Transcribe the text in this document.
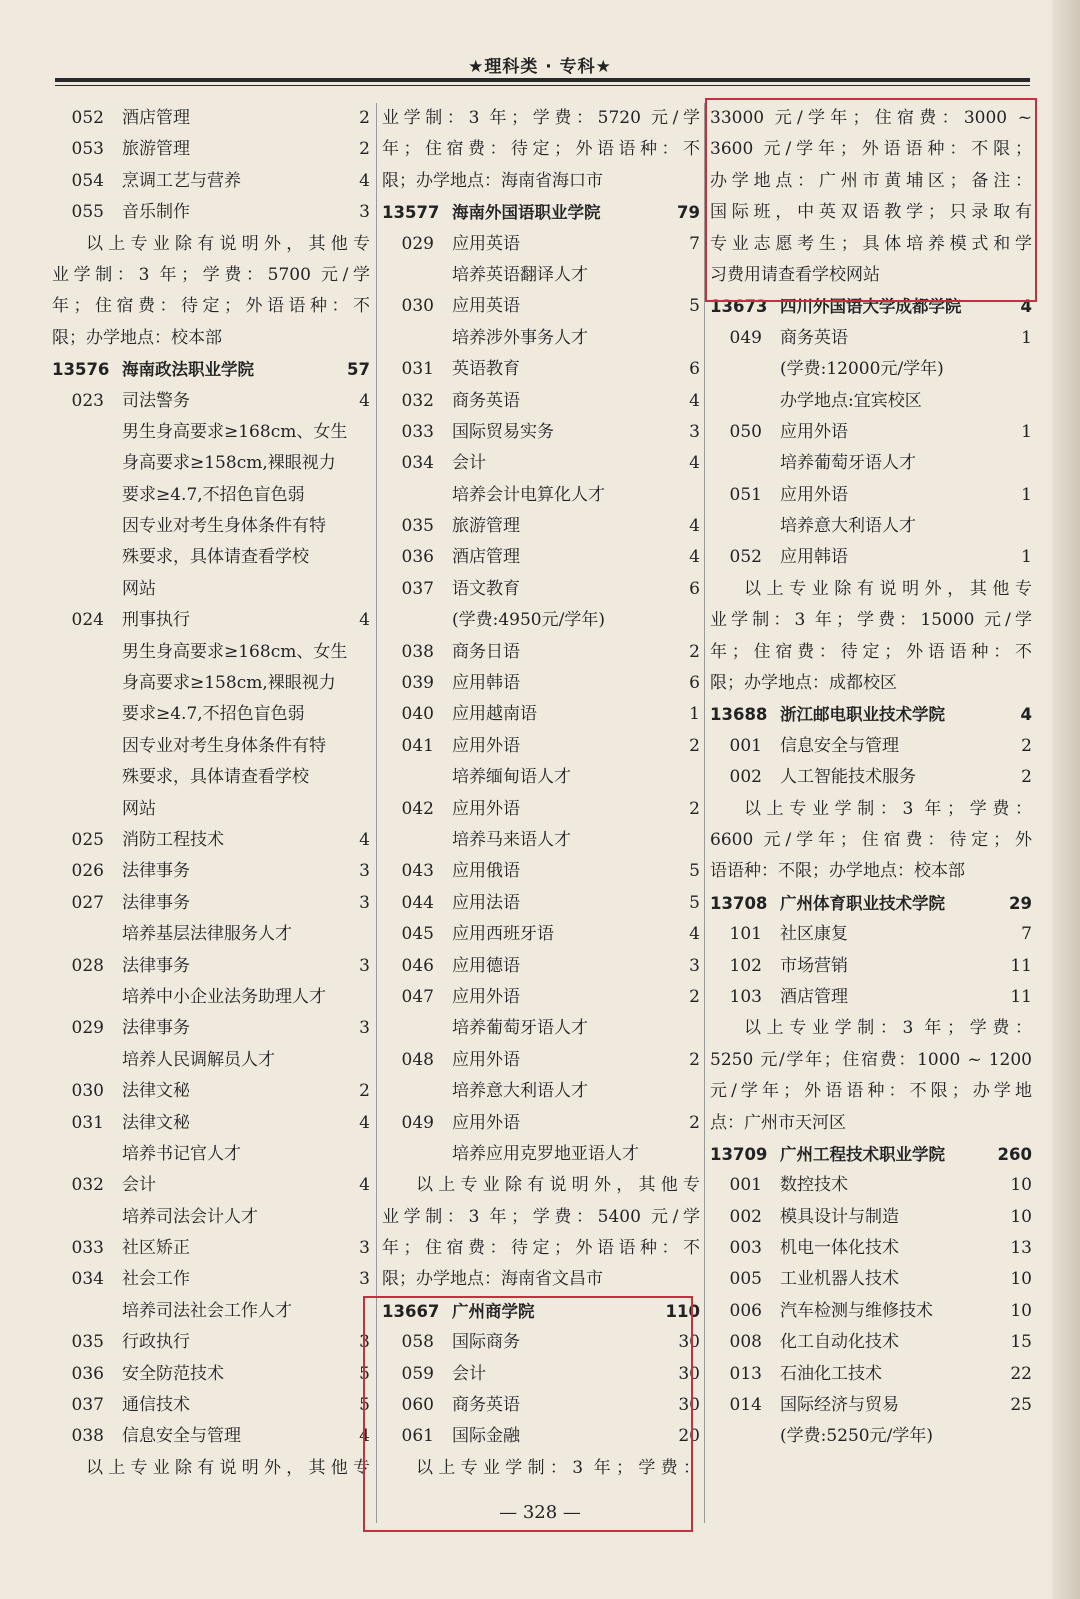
★理科类 · 专科★
052	酒店管理	2
053	旅游管理	2
054	烹调工艺与营养	4
055	音乐制作	3
以上专业除有说明外，其他专
业学制：3 年；学费：5700 元/学
年；住宿费：待定；外语语种：不
限；办学地点：校本部
13576 海南政法职业学院	57
023	司法警务	4
男生身高要求≥168cm、女生
身高要求≥158cm,裸眼视力
要求≥4.7,不招色盲色弱
因专业对考生身体条件有特
殊要求，具体请查看学校
网站
024	刑事执行	4
男生身高要求≥168cm、女生
身高要求≥158cm,裸眼视力
要求≥4.7,不招色盲色弱
因专业对考生身体条件有特
殊要求，具体请查看学校
网站
025	消防工程技术	4
026	法律事务	3
027	法律事务	3
培养基层法律服务人才
028	法律事务	3
培养中小企业法务助理人才
029	法律事务	3
培养人民调解员人才
030	法律文秘	2
031	法律文秘	4
培养书记官人才
032	会计	4
培养司法会计人才
033	社区矫正	3
034	社会工作	3
培养司法社会工作人才
035	行政执行	3
036	安全防范技术	5
037	通信技术	5
038	信息安全与管理	4
以上专业除有说明外，其他专
业学制：3 年；学费：5720 元/学
年；住宿费：待定；外语语种：不
限；办学地点：海南省海口市
13577 海南外国语职业学院	79
029	应用英语	7
培养英语翻译人才
030	应用英语	5
培养涉外事务人才
031	英语教育	6
032	商务英语	4
033	国际贸易实务	3
034	会计	4
培养会计电算化人才
035	旅游管理	4
036	酒店管理	4
037	语文教育	6
(学费:4950元/学年)
038	商务日语	2
039	应用韩语	6
040	应用越南语	1
041	应用外语	2
培养缅甸语人才
042	应用外语	2
培养马来语人才
043	应用俄语	5
044	应用法语	5
045	应用西班牙语	4
046	应用德语	3
047	应用外语	2
培养葡萄牙语人才
048	应用外语	2
培养意大利语人才
049	应用外语	2
培养应用克罗地亚语人才
以上专业除有说明外，其他专
业学制：3 年；学费：5400 元/学
年；住宿费：待定；外语语种：不
限；办学地点：海南省文昌市
13667 广州商学院	110
058	国际商务	30
059	会计	30
060	商务英语	30
061	国际金融	20
以上专业学制：3 年；学费：
33000 元/学年；住宿费：3000 ~
3600 元/学年；外语语种：不限；
办学地点：广州市黄埔区；备注：
国际班，中英双语教学；只录取有
专业志愿考生；具体培养模式和学
习费用请查看学校网站
13673 四川外国语大学成都学院	4
049	商务英语	1
(学费:12000元/学年)
办学地点:宜宾校区
050	应用外语	1
培养葡萄牙语人才
051	应用外语	1
培养意大利语人才
052	应用韩语	1
以上专业除有说明外，其他专
业学制：3 年；学费：15000 元/学
年；住宿费：待定；外语语种：不
限；办学地点：成都校区
13688 浙江邮电职业技术学院	4
001	信息安全与管理	2
002	人工智能技术服务	2
以上专业学制：3 年；学费：
6600 元/学年；住宿费：待定；外
语语种：不限；办学地点：校本部
13708 广州体育职业技术学院	29
101	社区康复	7
102	市场营销	11
103	酒店管理	11
以上专业学制：3 年；学费：
5250 元/学年；住宿费：1000 ~ 1200
元/学年；外语语种：不限；办学地
点：广州市天河区
13709 广州工程技术职业学院	260
001	数控技术	10
002	模具设计与制造	10
003	机电一体化技术	13
005	工业机器人技术	10
006	汽车检测与维修技术	10
008	化工自动化技术	15
013	石油化工技术	22
014	国际经济与贸易	25
(学费:5250元/学年)
— 328 —
